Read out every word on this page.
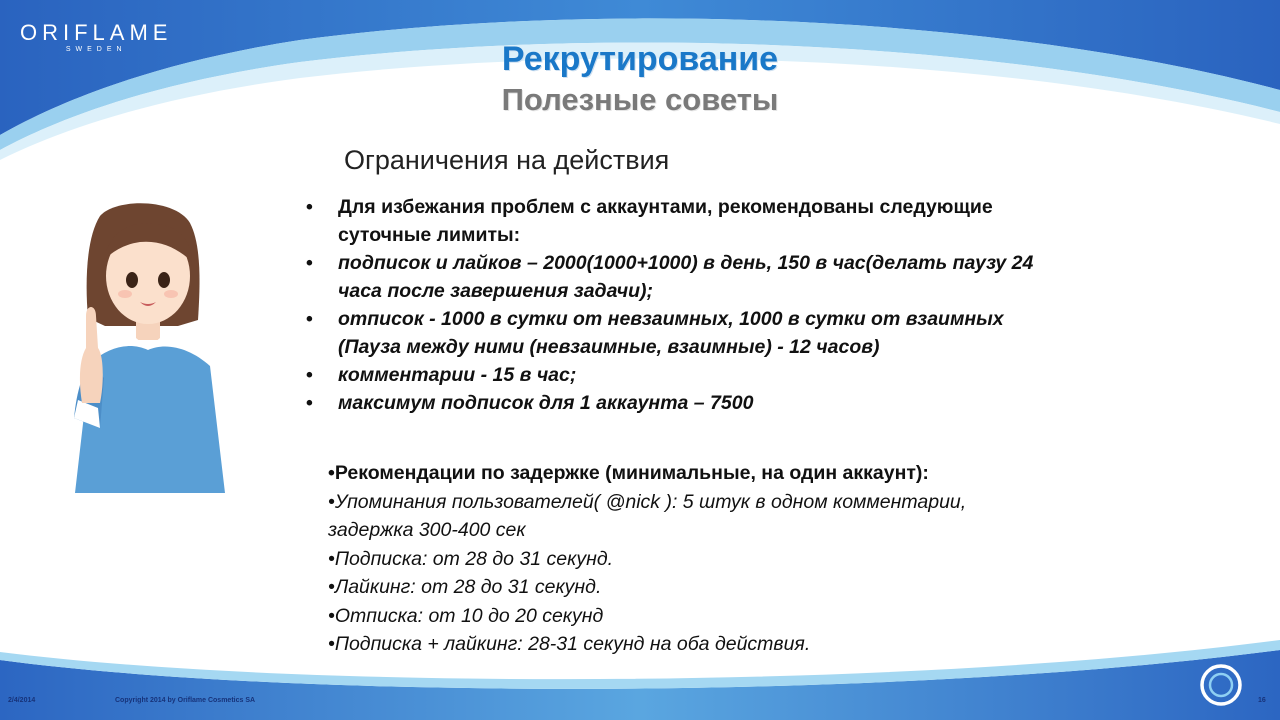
ORIFLAME
SWEDEN	Рекрутирование
Полезные советы
Ограничения на действия
• Для избежания проблем с аккаунтами, рекомендованы следующие
суточные лимиты:
• подписок и лайков – 2000(1000+1000) в день, 150 в час(делать паузу 24
часа после завершения задачи);
• отписок - 1000 в сутки от невзаимных, 1000 в сутки от взаимных
(Пауза между ними (невзаимные, взаимные) - 12 часов)
• комментарии - 15 в час;
• максимум подписок для 1 аккаунта – 7500
•Рекомендации по задержке (минимальные, на один аккаунт):
•Упоминания пользователей( @nick ): 5 штук в одном комментарии,
задержка 300-400 сек
•Подписка: от 28 до 31 секунд.
•Лайкинг: от 28 до 31 секунд.
•Отписка: от 10 до 20 секунд
•Подписка + лайкинг: 28-31 секунд на оба действия.
2/4/2014	Copyright 2014 by Oriflame Cosmetics SA	16
